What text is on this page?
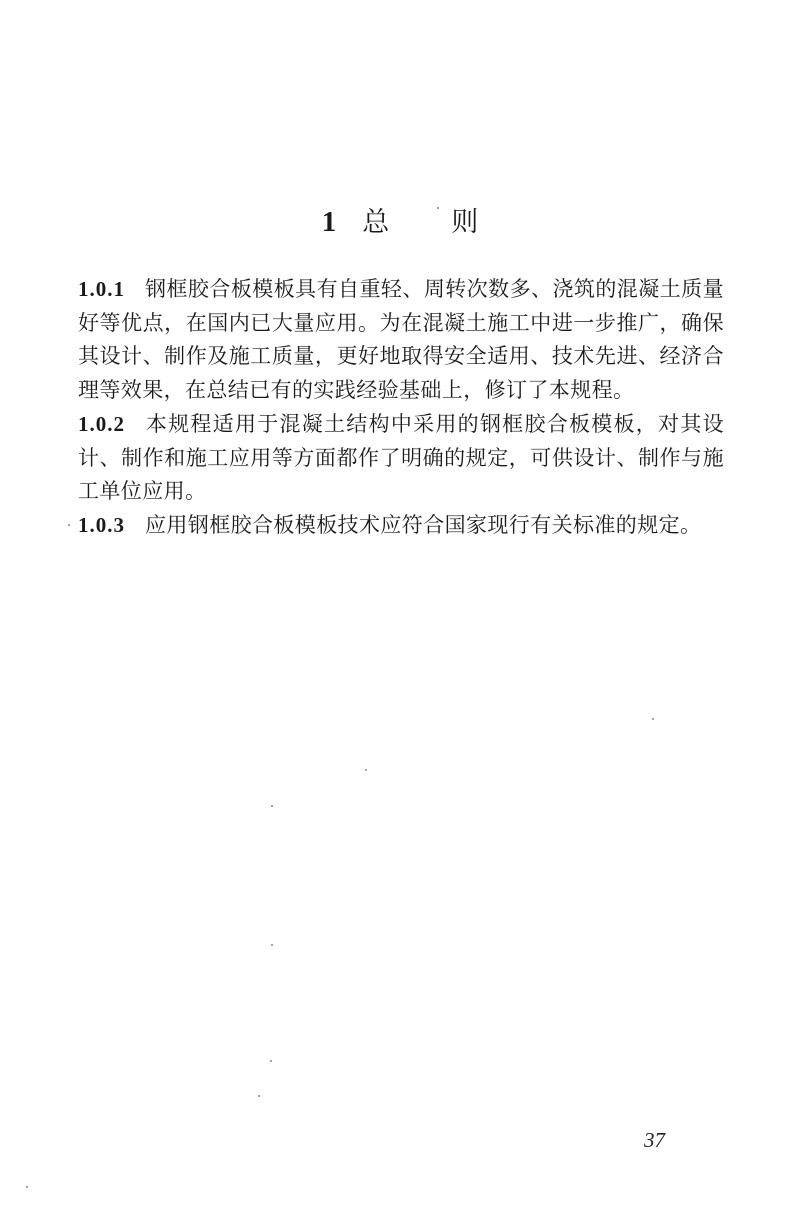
1 总 则

1.0.1 钢框胶合板模板具有自重轻、周转次数多、浇筑的混凝土质量好等优点，在国内已大量应用。为在混凝土施工中进一步推广，确保其设计、制作及施工质量，更好地取得安全适用、技术先进、经济合理等效果，在总结已有的实践经验基础上，修订了本规程。

1.0.2 本规程适用于混凝土结构中采用的钢框胶合板模板，对其设计、制作和施工应用等方面都作了明确的规定，可供设计、制作与施工单位应用。

1.0.3 应用钢框胶合板模板技术应符合国家现行有关标准的规定。

37
